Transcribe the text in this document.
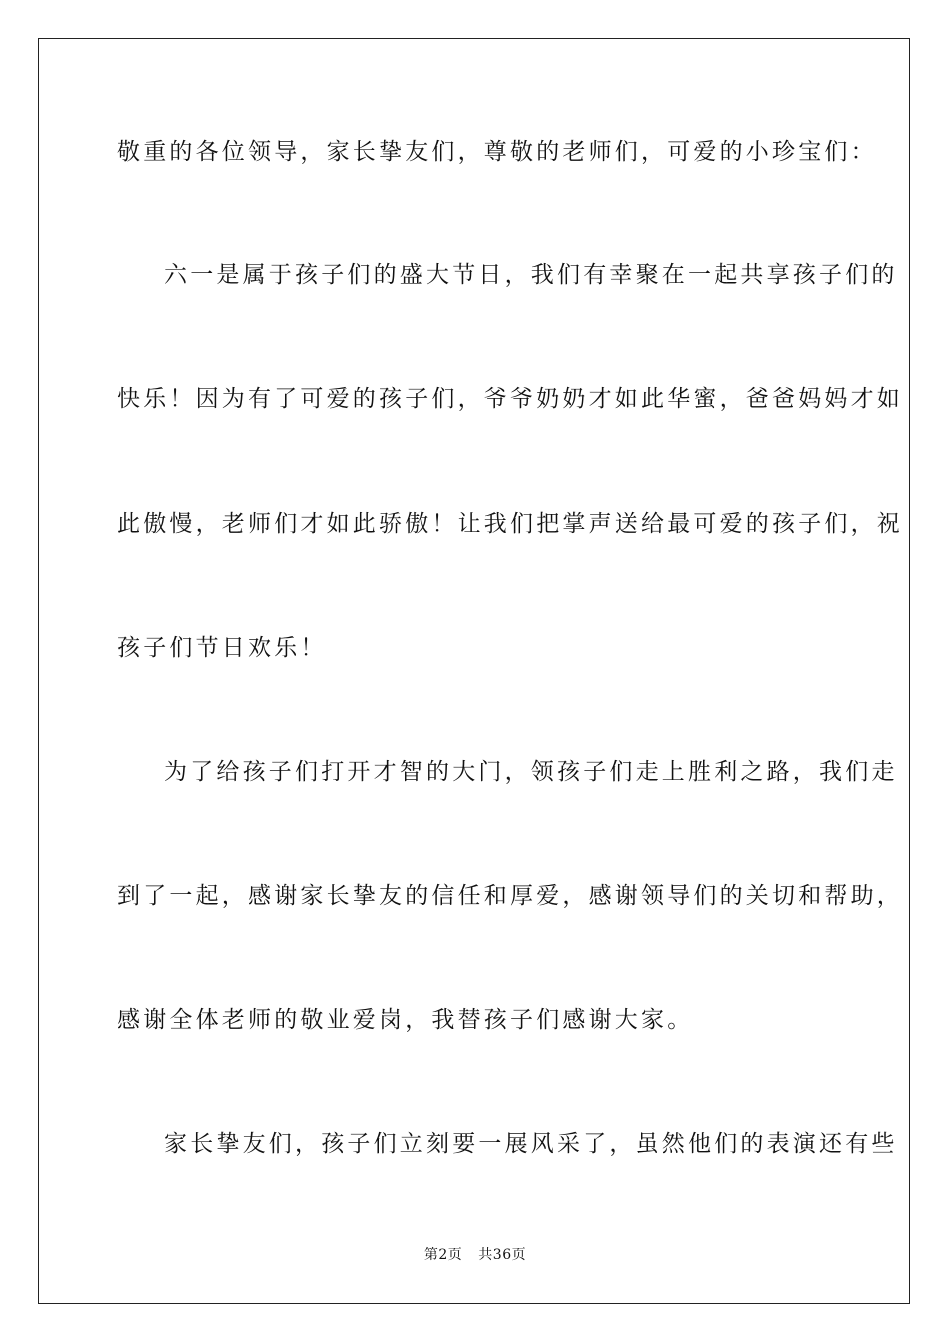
敬重的各位领导，家长挚友们，尊敬的老师们，可爱的小珍宝们：
六一是属于孩子们的盛大节日，我们有幸聚在一起共享孩子们的
快乐！因为有了可爱的孩子们，爷爷奶奶才如此华蜜，爸爸妈妈才如
此傲慢，老师们才如此骄傲！让我们把掌声送给最可爱的孩子们，祝
孩子们节日欢乐！
为了给孩子们打开才智的大门，领孩子们走上胜利之路，我们走
到了一起，感谢家长挚友的信任和厚爱，感谢领导们的关切和帮助，
感谢全体老师的敬业爱岗，我替孩子们感谢大家。
家长挚友们，孩子们立刻要一展风采了，虽然他们的表演还有些
第2页 共36页
